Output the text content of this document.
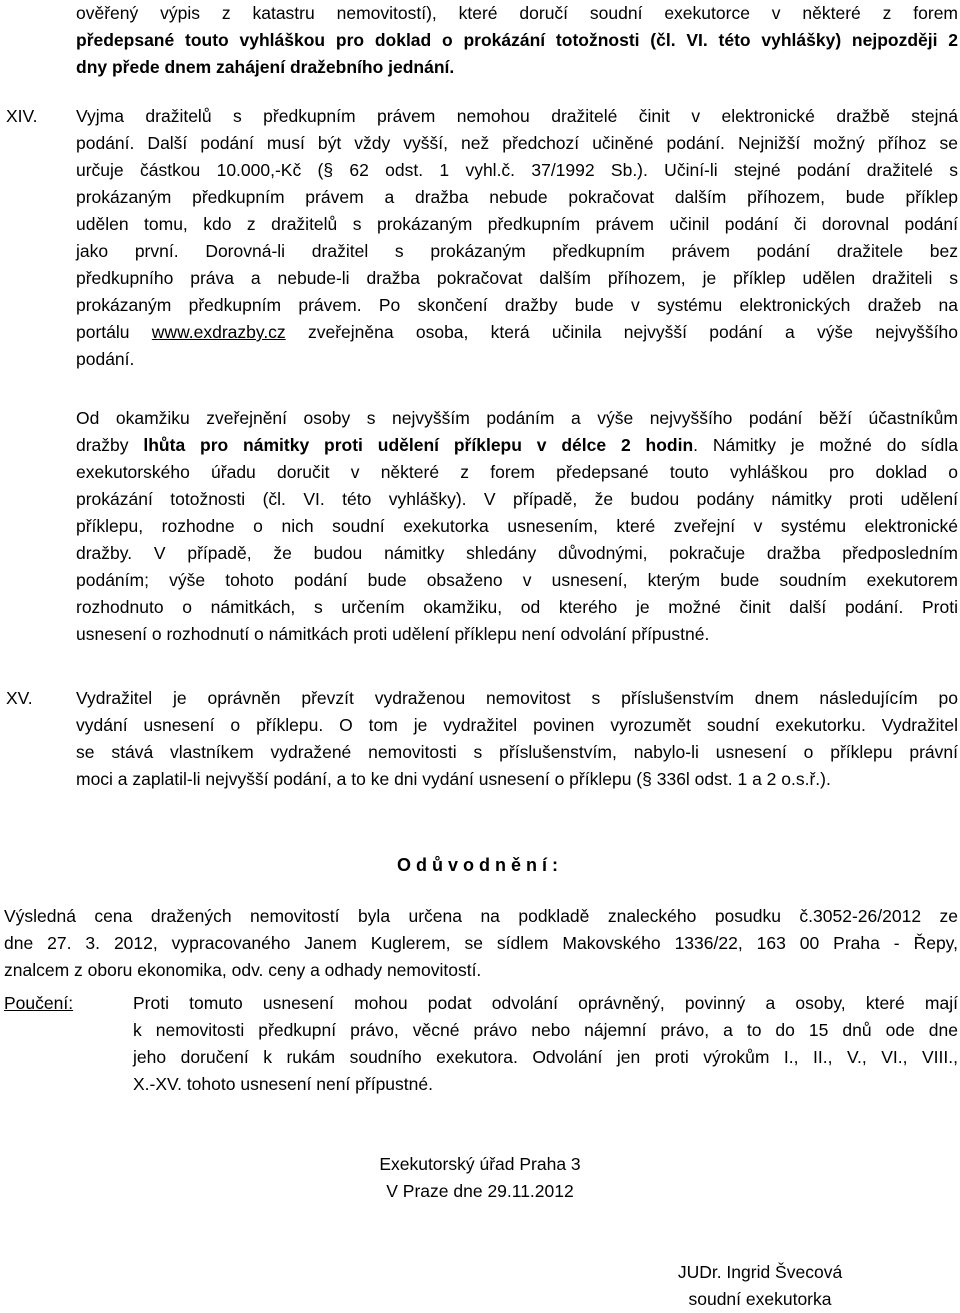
ověřený výpis z katastru nemovitostí), které doručí soudní exekutorce v některé z forem
předepsané touto vyhláškou pro doklad o prokázání totožnosti (čl. VI. této vyhlášky) nejpozději 2
dny přede dnem zahájení dražebního jednání.
XIV. Vyjma dražitelů s předkupním právem nemohou dražitelé činit v elektronické dražbě stejná
podání. Další podání musí být vždy vyšší, než předchozí učiněné podání. Nejnižší možný příhoz se
určuje částkou 10.000,-Kč (§ 62 odst. 1 vyhl.č. 37/1992 Sb.). Učiní-li stejné podání dražitelé s
prokázaným předkupním právem a dražba nebude pokračovat dalším příhozem, bude příklep
udělen tomu, kdo z dražitelů s prokázaným předkupním právem učinil podání či dorovnal podání
jako první. Dorovná-li dražitel s prokázaným předkupním právem podání dražitele bez
předkupního práva a nebude-li dražba pokračovat dalším příhozem, je příklep udělen dražiteli s
prokázaným předkupním právem. Po skončení dražby bude v systému elektronických dražeb na
portálu www.exdrazby.cz zveřejněna osoba, která učinila nejvyšší podání a výše nejvyššího
podání.
Od okamžiku zveřejnění osoby s nejvyšším podáním a výše nejvyššího podání běží účastníkům
dražby lhůta pro námitky proti udělení příklepu v délce 2 hodin. Námitky je možné do sídla
exekutorského úřadu doručit v některé z forem předepsané touto vyhláškou pro doklad o
prokázání totožnosti (čl. VI. této vyhlášky). V případě, že budou podány námitky proti udělení
příklepu, rozhodne o nich soudní exekutorka usnesením, které zveřejní v systému elektronické
dražby. V případě, že budou námitky shledány důvodnými, pokračuje dražba předposledním
podáním; výše tohoto podání bude obsaženo v usnesení, kterým bude soudním exekutorem
rozhodnuto o námitkách, s určením okamžiku, od kterého je možné činit další podání. Proti
usnesení o rozhodnutí o námitkách proti udělení příklepu není odvolání přípustné.
XV. Vydražitel je oprávněn převzít vydraženou nemovitost s příslušenstvím dnem následujícím po
vydání usnesení o příklepu. O tom je vydražitel povinen vyrozumět soudní exekutorku. Vydražitel
se stává vlastníkem vydražené nemovitosti s příslušenstvím, nabylo-li usnesení o příklepu právní
moci a zaplatil-li nejvyšší podání, a to ke dni vydání usnesení o příklepu (§ 336l odst. 1 a 2 o.s.ř.).
Odůvodnění:
Výsledná cena dražených nemovitostí byla určena na podkladě znaleckého posudku č.3052-26/2012 ze
dne 27. 3. 2012, vypracovaného Janem Kuglerem, se sídlem Makovského 1336/22, 163 00 Praha - Řepy,
znalcem z oboru ekonomika, odv. ceny a odhady nemovitostí.
Poučení:	Proti tomuto usnesení mohou podat odvolání oprávněný, povinný a osoby, které mají
k nemovitosti předkupní právo, věcné právo nebo nájemní právo, a to do 15 dnů ode dne
jeho doručení k rukám soudního exekutora. Odvolání jen proti výrokům I., II., V., VI., VIII.,
X.-XV. tohoto usnesení není přípustné.
Exekutorský úřad Praha 3
V Praze dne 29.11.2012
JUDr. Ingrid Švecová
soudní exekutorka
